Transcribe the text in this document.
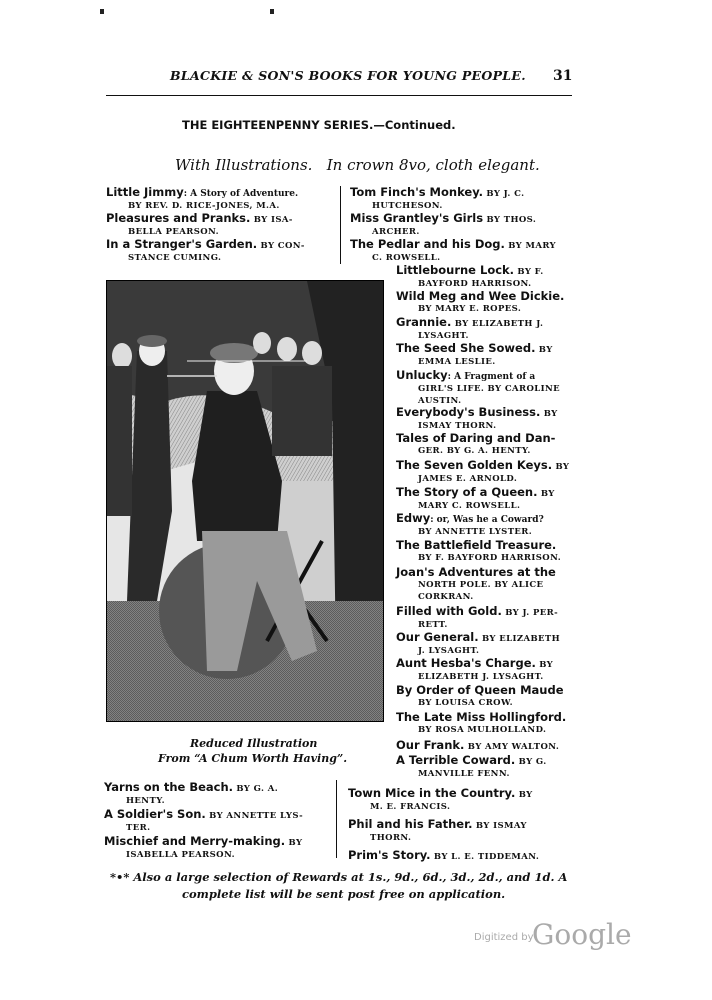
BLACKIE & SON'S BOOKS FOR YOUNG PEOPLE. 31
THE EIGHTEENPENNY SERIES.—Continued.
With Illustrations.   In crown 8vo, cloth elegant.
Little Jimmy: A Story of Adventure.
BY REV. D. RICE-JONES, M.A.
Pleasures and Pranks. BY ISA-
BELLA PEARSON.
In a Stranger's Garden. BY CON-
STANCE CUMING.
Tom Finch's Monkey. BY J. C.
HUTCHESON.
Miss Grantley's Girls BY THOS.
ARCHER.
The Pedlar and his Dog. BY MARY
C. ROWSELL.
Littlebourne Lock. BY F.
BAYFORD HARRISON.
Wild Meg and Wee Dickie.
BY MARY E. ROPES.
Grannie. BY ELIZABETH J.
LYSAGHT.
The Seed She Sowed. BY
EMMA LESLIE.
Unlucky: A Fragment of a
GIRL'S LIFE. BY CAROLINE
AUSTIN.
Everybody's Business. BY
ISMAY THORN.
Tales of Daring and Dan-
GER. BY G. A. HENTY.
The Seven Golden Keys. BY
JAMES E. ARNOLD.
The Story of a Queen. BY
MARY C. ROWSELL.
Edwy: or, Was he a Coward?
BY ANNETTE LYSTER.
The Battlefield Treasure.
BY F. BAYFORD HARRISON.
Joan's Adventures at the
NORTH POLE. BY ALICE
CORKRAN.
Filled with Gold. BY J. PER-
RETT.
Our General. BY ELIZABETH
J. LYSAGHT.
Aunt Hesba's Charge. BY
ELIZABETH J. LYSAGHT.
By Order of Queen Maude
BY LOUISA CROW.
The Late Miss Hollingford.
BY ROSA MULHOLLAND.
Our Frank. BY AMY WALTON.
A Terrible Coward. BY G.
MANVILLE FENN.
Reduced Illustration
From “A Chum Worth Having”.
Yarns on the Beach. BY G. A.
HENTY.
A Soldier's Son. BY ANNETTE LYS-
TER.
Mischief and Merry-making. BY
ISABELLA PEARSON.
Town Mice in the Country. BY
M. E. FRANCIS.
Phil and his Father. BY ISMAY
THORN.
Prim's Story. BY L. E. TIDDEMAN.
*•* Also a large selection of Rewards at 1s., 9d., 6d., 3d., 2d., and 1d. A
complete list will be sent post free on application.
Digitized by
Google
